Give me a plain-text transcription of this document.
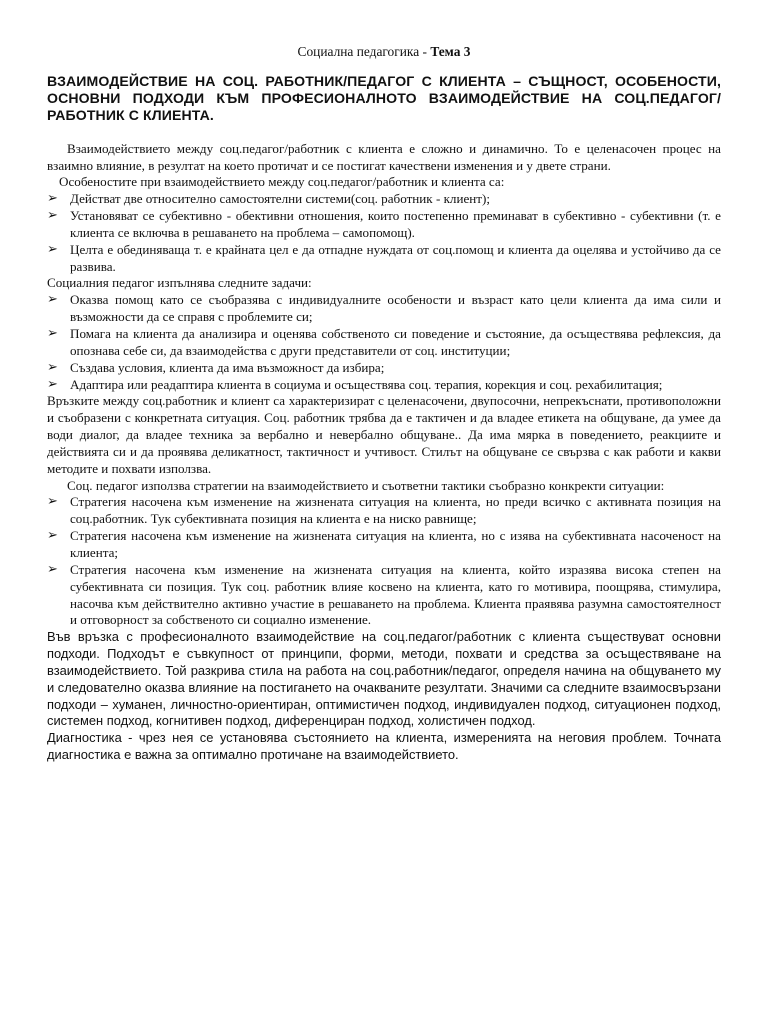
Социална педагогика - Тема 3
ВЗАИМОДЕЙСТВИЕ НА СОЦ. РАБОТНИК/ПЕДАГОГ С КЛИЕНТА – СЪЩНОСТ, ОСОБЕНОСТИ, ОСНОВНИ ПОДХОДИ КЪМ ПРОФЕСИОНАЛНОТО ВЗАИМОДЕЙСТВИЕ НА СОЦ.ПЕДАГОГ/РАБОТНИК С КЛИЕНТА.

Взаимодействието между соц.педагог/работник с клиента е сложно и динамично. То е целенасочен процес на взаимно влияние, в резултат на което протичат и се постигат качествени изменения и у двете страни.

Особеностите при взаимодействието между соц.педагог/работник и клиента са:

➢ Действат две относително самостоятелни системи(соц. работник - клиент);
➢ Установяват се субективно - обективни отношения, които постепенно преминават в субективно - субективни (т. е клиента се включва в решаването на проблема – самопомощ).
➢ Целта е обединяваща т. е крайната цел е да отпадне нуждата от соц.помощ и клиента да оцелява и устойчиво да се развива.

Социалния педагог изпълнява следните задачи:

➢ Оказва помощ като се съобразява с индивидуалните особености и възраст като цели клиента да има сили и възможности да се справя с проблемите си;
➢ Помага на клиента да анализира и оценява собственото си поведение и състояние, да осъществява рефлексия, да опознава себе си, да взаимодейства с други представители от соц. институции;
➢ Създава условия, клиента да има възможност да избира;
➢ Адаптира или реадаптира клиента в социума и осъществява соц. терапия, корекция и соц. рехабилитация;

Връзките между соц.работник и клиент са характеризират с целенасочени, двупосочни, непрекъснати, противоположни и съобразени с конкретната ситуация. Соц. работник трябва да е тактичен и да владее етикета на общуване, да умее да води диалог, да владее техника за вербално и невербално общуване.. Да има мярка в поведението, реакциите и действията си и да проявява деликатност, тактичност и учтивост. Стилът на общуване се свързва с как работи и какви методите и похвати използва.

Соц. педагог използва стратегии на взаимодействието и съответни тактики съобразно конкректи ситуации:

➢ Стратегия насочена към изменение на жизнената ситуация на клиента, но преди всичко с активната позиция на соц.работник. Тук субективната позиция на клиента е на ниско равнище;
➢ Стратегия насочена към изменение на жизнената ситуация на клиента, но с изява на субективната насоченост на клиента;
➢ Стратегия насочена към изменение на жизнената ситуация на клиента, който изразява висока степен на субективната си позиция. Тук соц. работник влияе косвено на клиента, като го мотивира, поощрява, стимулира, насочва към действително активно участие в решаването на проблема. Клиента праявява разумна самостоятелност и отговорност за собственото си социално изменение.

Във връзка с професионалното взаимодействие на соц.педагог/работник с клиента съществуват основни подходи. Подходът е съвкупност от принципи, форми, методи, похвати и средства за осъществяване на взаимодействието. Той разкрива стила на работа на соц.работник/педагог, определя начина на общуването му и следователно оказва влияние на постигането на очакваните резултати. Значими са следните взаимосвързани подходи – хуманен, личностно-ориентиран, оптимистичен подход, индивидуален подход, ситуационен подход, системен подход, когнитивен подход, диференциран подход, холистичен подход.

Диагностика - чрез нея се установява състоянието на клиента, измеренията на неговия проблем. Точната диагностика е важна за оптимално протичане на взаимодействието.
